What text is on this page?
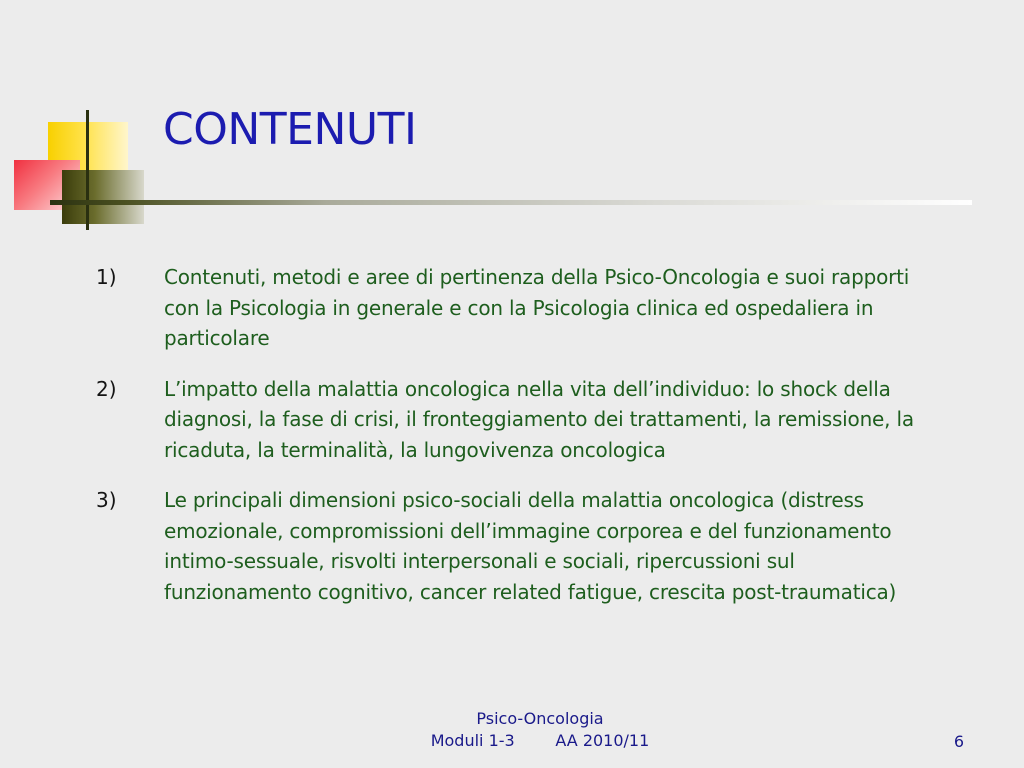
CONTENUTI
1)	Contenuti, metodi e aree di pertinenza della Psico-Oncologia e suoi rapporti con la Psicologia in generale e con la Psicologia clinica ed ospedaliera in particolare
2)	L’impatto della malattia oncologica nella vita dell’individuo: lo shock della diagnosi, la fase di crisi, il fronteggiamento dei trattamenti, la remissione, la ricaduta, la terminalità, la lungovivenza oncologica
3)	Le principali dimensioni psico-sociali della malattia oncologica (distress emozionale, compromissioni dell’immagine corporea e del funzionamento intimo-sessuale, risvolti interpersonali e sociali, ripercussioni sul funzionamento cognitivo, cancer related fatigue, crescita post-traumatica)
Psico-Oncologia
Moduli 1-3	AA 2010/11	6
